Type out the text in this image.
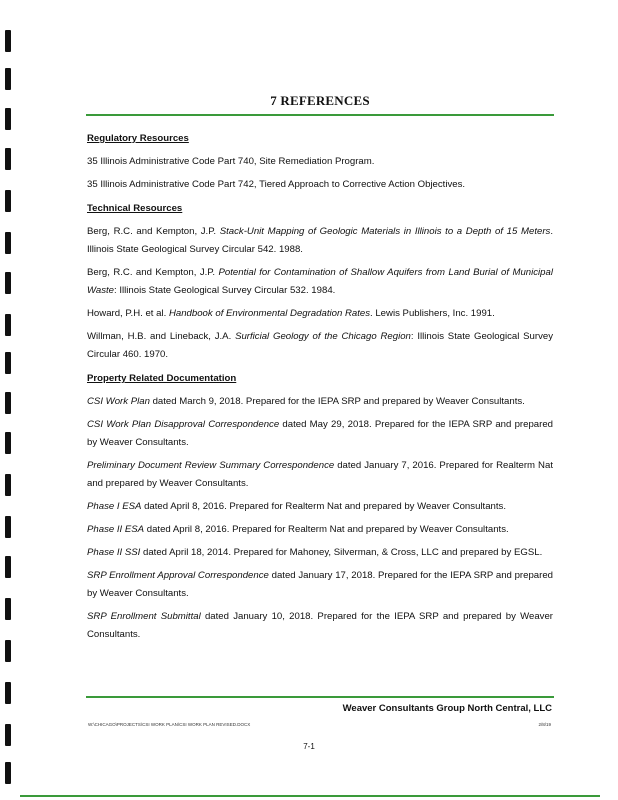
7 REFERENCES
Regulatory Resources
35 Illinois Administrative Code Part 740, Site Remediation Program.
35 Illinois Administrative Code Part 742, Tiered Approach to Corrective Action Objectives.
Technical Resources
Berg, R.C. and Kempton, J.P. Stack-Unit Mapping of Geologic Materials in Illinois to a Depth of 15 Meters. Illinois State Geological Survey Circular 542. 1988.
Berg, R.C. and Kempton, J.P. Potential for Contamination of Shallow Aquifers from Land Burial of Municipal Waste: Illinois State Geological Survey Circular 532. 1984.
Howard, P.H. et al. Handbook of Environmental Degradation Rates. Lewis Publishers, Inc. 1991.
Willman, H.B. and Lineback, J.A. Surficial Geology of the Chicago Region: Illinois State Geological Survey Circular 460. 1970.
Property Related Documentation
CSI Work Plan dated March 9, 2018. Prepared for the IEPA SRP and prepared by Weaver Consultants.
CSI Work Plan Disapproval Correspondence dated May 29, 2018. Prepared for the IEPA SRP and prepared by Weaver Consultants.
Preliminary Document Review Summary Correspondence dated January 7, 2016. Prepared for Realterm Nat and prepared by Weaver Consultants.
Phase I ESA dated April 8, 2016. Prepared for Realterm Nat and prepared by Weaver Consultants.
Phase II ESA dated April 8, 2016. Prepared for Realterm Nat and prepared by Weaver Consultants.
Phase II SSI dated April 18, 2014. Prepared for Mahoney, Silverman, & Cross, LLC and prepared by EGSL.
SRP Enrollment Approval Correspondence dated January 17, 2018. Prepared for the IEPA SRP and prepared by Weaver Consultants.
SRP Enrollment Submittal dated January 10, 2018. Prepared for the IEPA SRP and prepared by Weaver Consultants.
Weaver Consultants Group North Central, LLC
W:\CHICAGO\PROJECTS\CSI WORK PLAN\CSI WORK PLAN REVISED.DOCX	2/8/19
7-1
